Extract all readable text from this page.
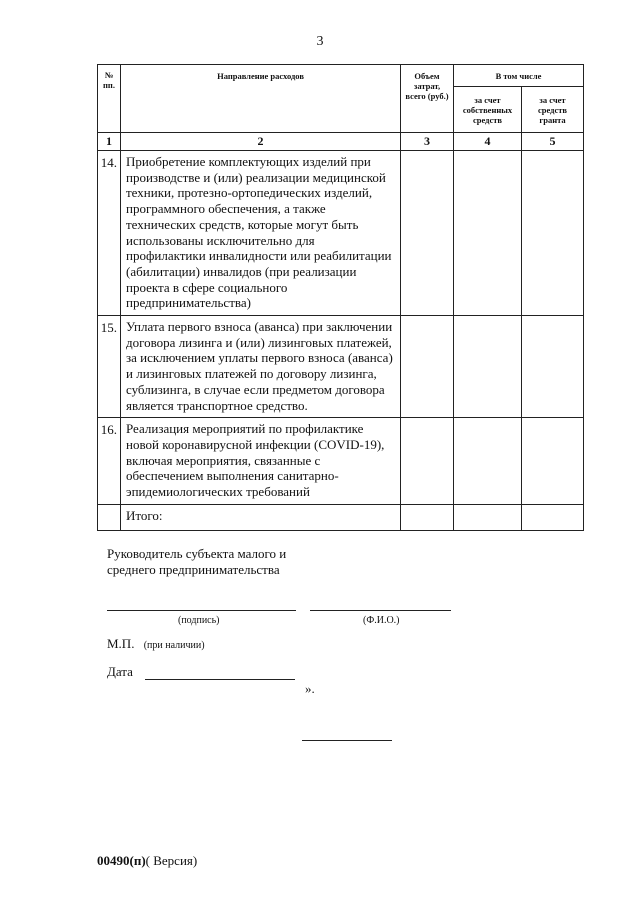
3
№ пп.	Направление расходов	Объем затрат, всего (руб.)	В том числе	
			за счет собственных средств	за счет средств гранта
1	2	3	4	5
14.	Приобретение комплектующих изделий при производстве и (или) реализации медицинской техники, протезно-ортопедических изделий, программного обеспечения, а также технических средств, которые могут быть использованы исключительно для профилактики инвалидности или реабилитации (абилитации) инвалидов (при реализации проекта в сфере социального предпринимательства)			
15.	Уплата первого взноса (аванса) при заключении договора лизинга и (или) лизинговых платежей, за исключением уплаты первого взноса (аванса) и лизинговых платежей по договору лизинга, сублизинга, в случае если предметом договора является транспортное средство.			
16.	Реализация мероприятий по профилактике новой коронавирусной инфекции (COVID-19), включая мероприятия, связанные с обеспечением выполнения санитарно-эпидемиологических требований			
	Итого:			
Руководитель субъекта малого и
среднего предпринимательства
(подпись)	(Ф.И.О.)
М.П. (при наличии)
Дата
».
00490(п)( Версия)
